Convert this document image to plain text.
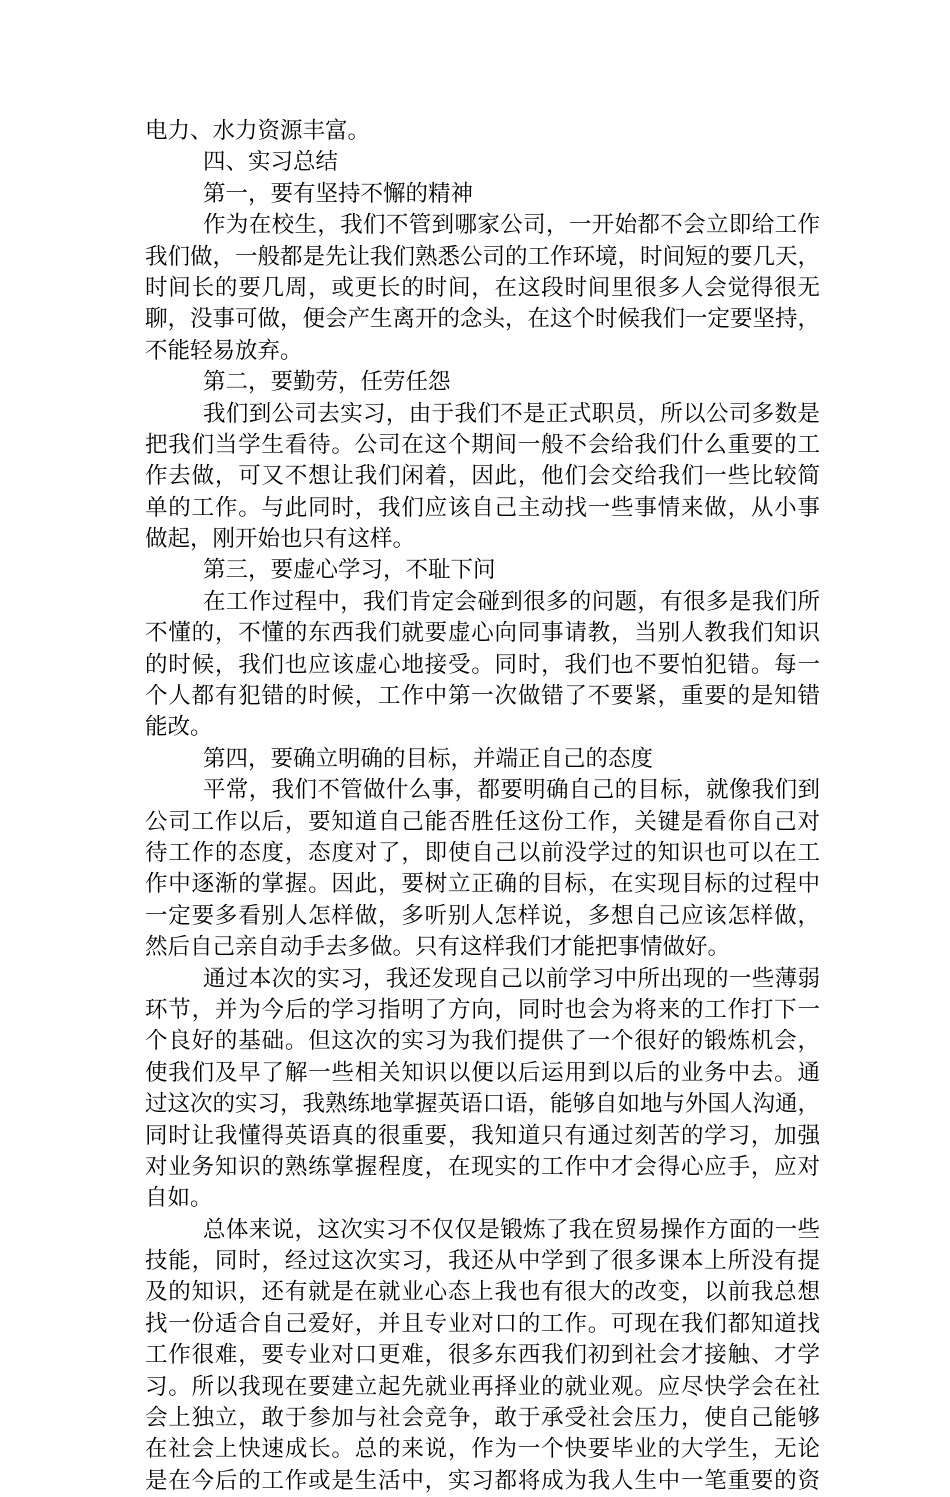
电力、水力资源丰富。
四、实习总结
第一，要有坚持不懈的精神
作为在校生，我们不管到哪家公司，一开始都不会立即给工作
我们做，一般都是先让我们熟悉公司的工作环境，时间短的要几天，
时间长的要几周，或更长的时间，在这段时间里很多人会觉得很无
聊，没事可做，便会产生离开的念头，在这个时候我们一定要坚持，
不能轻易放弃。
第二，要勤劳，任劳任怨
我们到公司去实习，由于我们不是正式职员，所以公司多数是
把我们当学生看待。公司在这个期间一般不会给我们什么重要的工
作去做，可又不想让我们闲着，因此，他们会交给我们一些比较简
单的工作。与此同时，我们应该自己主动找一些事情来做，从小事
做起，刚开始也只有这样。
第三，要虚心学习，不耻下问
在工作过程中，我们肯定会碰到很多的问题，有很多是我们所
不懂的，不懂的东西我们就要虚心向同事请教，当别人教我们知识
的时候，我们也应该虚心地接受。同时，我们也不要怕犯错。每一
个人都有犯错的时候，工作中第一次做错了不要紧，重要的是知错
能改。
第四，要确立明确的目标，并端正自己的态度
平常，我们不管做什么事，都要明确自己的目标，就像我们到
公司工作以后，要知道自己能否胜任这份工作，关键是看你自己对
待工作的态度，态度对了，即使自己以前没学过的知识也可以在工
作中逐渐的掌握。因此，要树立正确的目标，在实现目标的过程中
一定要多看别人怎样做，多听别人怎样说，多想自己应该怎样做，
然后自己亲自动手去多做。只有这样我们才能把事情做好。
通过本次的实习，我还发现自己以前学习中所出现的一些薄弱
环节，并为今后的学习指明了方向，同时也会为将来的工作打下一
个良好的基础。但这次的实习为我们提供了一个很好的锻炼机会，
使我们及早了解一些相关知识以便以后运用到以后的业务中去。通
过这次的实习，我熟练地掌握英语口语，能够自如地与外国人沟通，
同时让我懂得英语真的很重要，我知道只有通过刻苦的学习，加强
对业务知识的熟练掌握程度，在现实的工作中才会得心应手，应对
自如。
总体来说，这次实习不仅仅是锻炼了我在贸易操作方面的一些
技能，同时，经过这次实习，我还从中学到了很多课本上所没有提
及的知识，还有就是在就业心态上我也有很大的改变，以前我总想
找一份适合自己爱好，并且专业对口的工作。可现在我们都知道找
工作很难，要专业对口更难，很多东西我们初到社会才接触、才学
习。所以我现在要建立起先就业再择业的就业观。应尽快学会在社
会上独立，敢于参加与社会竞争，敢于承受社会压力，使自己能够
在社会上快速成长。总的来说，作为一个快要毕业的大学生，无论
是在今后的工作或是生活中，实习都将成为我人生中一笔重要的资
